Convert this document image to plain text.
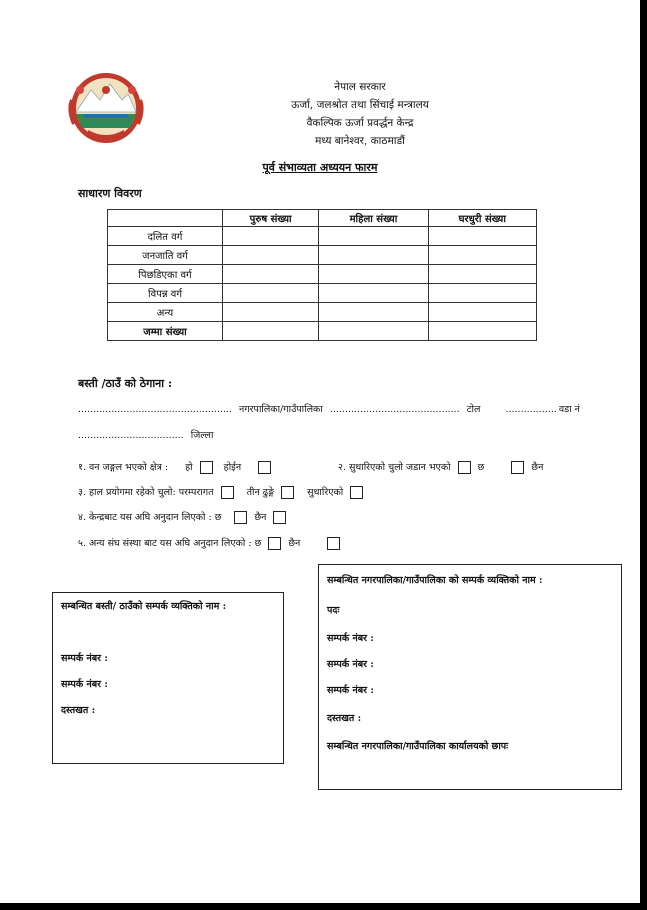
नेपाल सरकार
ऊर्जा, जलश्रोत तथा सिंचाई मन्त्रालय
वैकल्पिक ऊर्जा प्रवर्द्धन केन्द्र
मध्य बानेश्वर, काठमाडौं
पूर्व संभाव्यता अध्ययन फारम
साधारण विवरण
	पुरुष संख्या	महिला संख्या	घरधुरी संख्या
दलित वर्ग			
जनजाति वर्ग			
पिछडिएका वर्ग			
विपन्न वर्ग			
अन्य			
जम्मा संख्या			
बस्ती /ठाउँ को ठेगाना :
................................................... नगरपालिका/गाउँपालिका ........................................... टोल	................. वडा नं
................................... जिल्ला
१. वन जङ्गल भएको क्षेत्र : हो	होईन	२. सुधारिएको चुलो जडान भएको	छ	छैन
३. हाल प्रयोगमा रहेको चुलो: परम्परागत	तीन ढुङ्गे	सुधारिएको
४. केन्द्रबाट यस अघि अनुदान लिएको : छ	छैन
५. अन्य संघ संस्था बाट यस अघि अनुदान लिएको : छ	छैन
सम्बन्धित बस्ती/ ठाउँको सम्पर्क व्यक्तिको नाम :
सम्पर्क नंबर :
सम्पर्क नंबर :
दस्तखत :
सम्बन्धित नगरपालिका/गाउँपालिका को सम्पर्क व्यक्तिको नाम :
पदः
सम्पर्क नंबर :
सम्पर्क नंबर :
सम्पर्क नंबर :
दस्तखत :
सम्बन्धित नगरपालिका/गाउँपालिका कार्यालयको छापः
